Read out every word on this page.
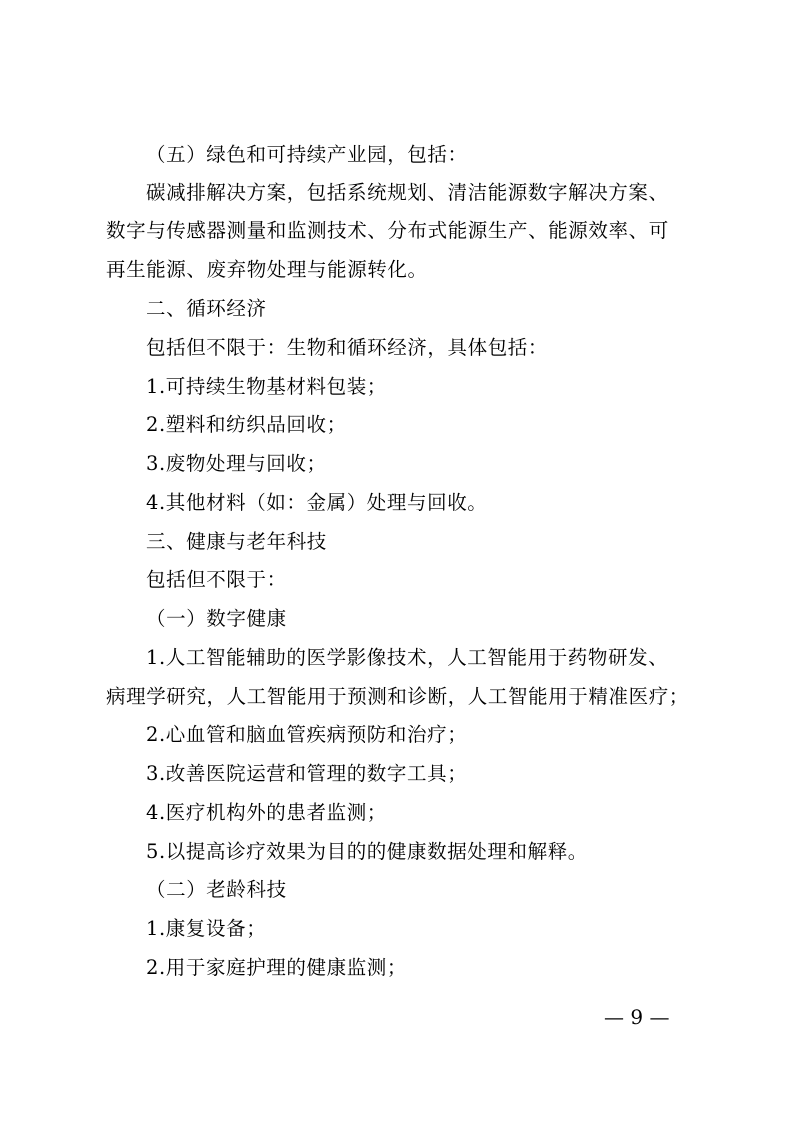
（五）绿色和可持续产业园，包括：
碳减排解决方案，包括系统规划、清洁能源数字解决方案、
数字与传感器测量和监测技术、分布式能源生产、能源效率、可
再生能源、废弃物处理与能源转化。
二、循环经济
包括但不限于：生物和循环经济，具体包括：
1.可持续生物基材料包装；
2.塑料和纺织品回收；
3.废物处理与回收；
4.其他材料（如：金属）处理与回收。
三、健康与老年科技
包括但不限于：
（一）数字健康
1.人工智能辅助的医学影像技术，人工智能用于药物研发、
病理学研究，人工智能用于预测和诊断，人工智能用于精准医疗；
2.心血管和脑血管疾病预防和治疗；
3.改善医院运营和管理的数字工具；
4.医疗机构外的患者监测；
5.以提高诊疗效果为目的的健康数据处理和解释。
（二）老龄科技
1.康复设备；
2.用于家庭护理的健康监测；
— 9 —
